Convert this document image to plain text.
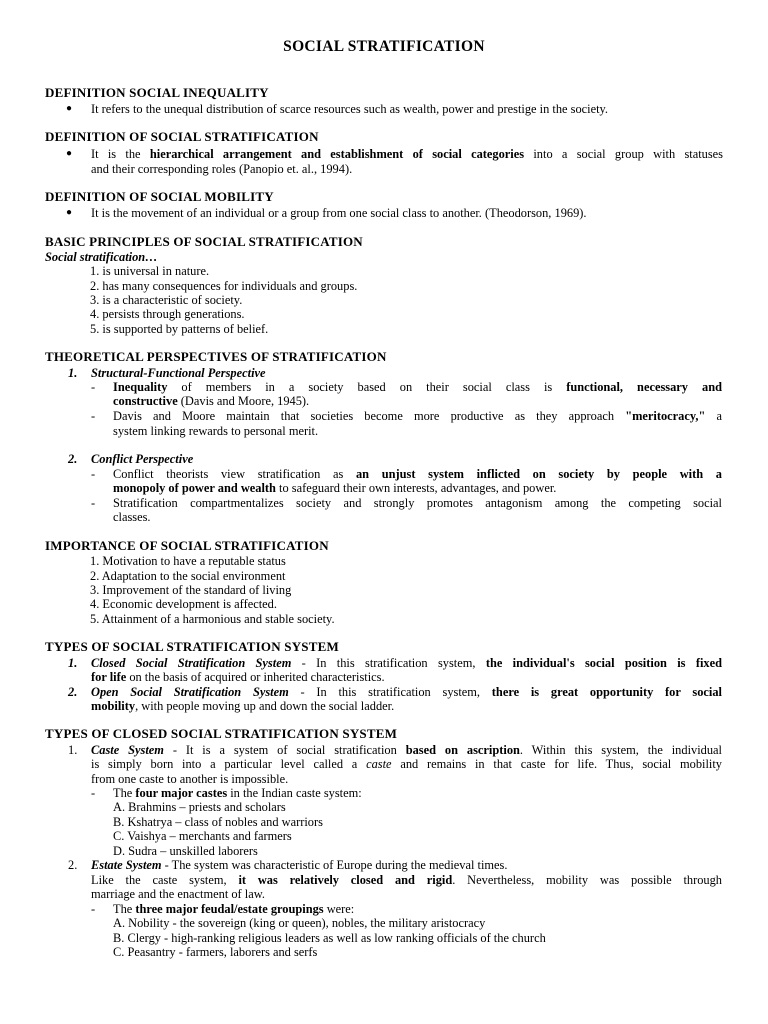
SOCIAL STRATIFICATION
DEFINITION SOCIAL INEQUALITY
● It refers to the unequal distribution of scarce resources such as wealth, power and prestige in the society.
DEFINITION OF SOCIAL STRATIFICATION
● It is the hierarchical arrangement and establishment of social categories into a social group with statuses
and their corresponding roles (Panopio et. al., 1994).
DEFINITION OF SOCIAL MOBILITY
● It is the movement of an individual or a group from one social class to another. (Theodorson, 1969).
BASIC PRINCIPLES OF SOCIAL STRATIFICATION
Social stratification…
1. is universal in nature.
2. has many consequences for individuals and groups.
3. is a characteristic of society.
4. persists through generations.
5. is supported by patterns of belief.
THEORETICAL PERSPECTIVES OF STRATIFICATION
1. Structural-Functional Perspective
- Inequality of members in a society based on their social class is functional, necessary and
constructive (Davis and Moore, 1945).
- Davis and Moore maintain that societies become more productive as they approach "meritocracy," a
system linking rewards to personal merit.
2. Conflict Perspective
- Conflict theorists view stratification as an unjust system inflicted on society by people with a
monopoly of power and wealth to safeguard their own interests, advantages, and power.
- Stratification compartmentalizes society and strongly promotes antagonism among the competing social
classes.
IMPORTANCE OF SOCIAL STRATIFICATION
1. Motivation to have a reputable status
2. Adaptation to the social environment
3. Improvement of the standard of living
4. Economic development is affected.
5. Attainment of a harmonious and stable society.
TYPES OF SOCIAL STRATIFICATION SYSTEM
1. Closed Social Stratification System - In this stratification system, the individual's social position is fixed
for life on the basis of acquired or inherited characteristics.
2. Open Social Stratification System - In this stratification system, there is great opportunity for social
mobility, with people moving up and down the social ladder.
TYPES OF CLOSED SOCIAL STRATIFICATION SYSTEM
1. Caste System - It is a system of social stratification based on ascription. Within this system, the individual
is simply born into a particular level called a caste and remains in that caste for life. Thus, social mobility
from one caste to another is impossible.
- The four major castes in the Indian caste system:
A. Brahmins – priests and scholars
B. Kshatrya – class of nobles and warriors
C. Vaishya – merchants and farmers
D. Sudra – unskilled laborers
2. Estate System - The system was characteristic of Europe during the medieval times.
Like the caste system, it was relatively closed and rigid. Nevertheless, mobility was possible through
marriage and the enactment of law.
- The three major feudal/estate groupings were:
A. Nobility - the sovereign (king or queen), nobles, the military aristocracy
B. Clergy - high-ranking religious leaders as well as low ranking officials of the church
C. Peasantry - farmers, laborers and serfs
